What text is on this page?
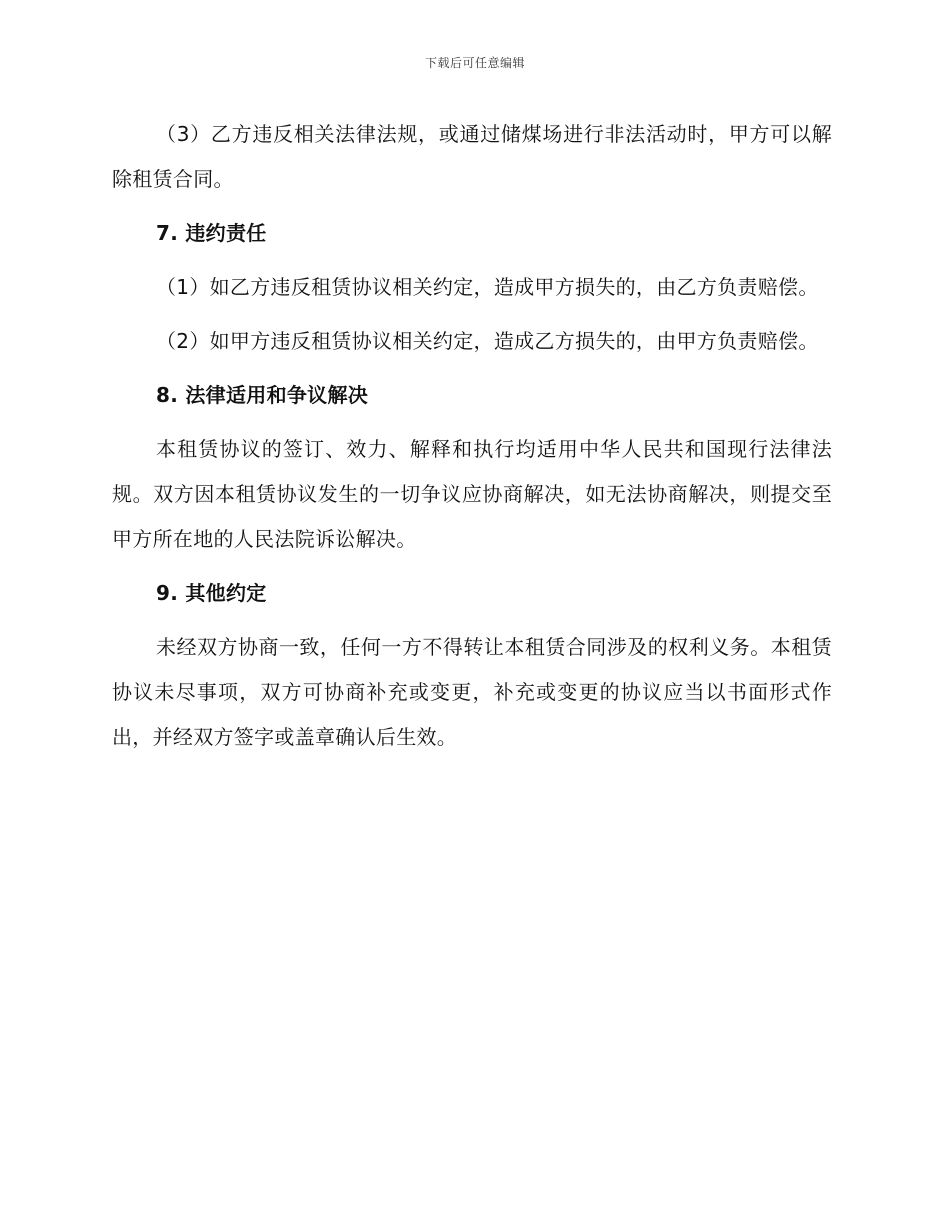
下载后可任意编辑

（3）乙方违反相关法律法规，或通过储煤场进行非法活动时，甲方可以解除租赁合同。

7. 违约责任

（1）如乙方违反租赁协议相关约定，造成甲方损失的，由乙方负责赔偿。

（2）如甲方违反租赁协议相关约定，造成乙方损失的，由甲方负责赔偿。

8. 法律适用和争议解决

本租赁协议的签订、效力、解释和执行均适用中华人民共和国现行法律法规。双方因本租赁协议发生的一切争议应协商解决，如无法协商解决，则提交至甲方所在地的人民法院诉讼解决。

9. 其他约定

未经双方协商一致，任何一方不得转让本租赁合同涉及的权利义务。本租赁协议未尽事项，双方可协商补充或变更，补充或变更的协议应当以书面形式作出，并经双方签字或盖章确认后生效。
